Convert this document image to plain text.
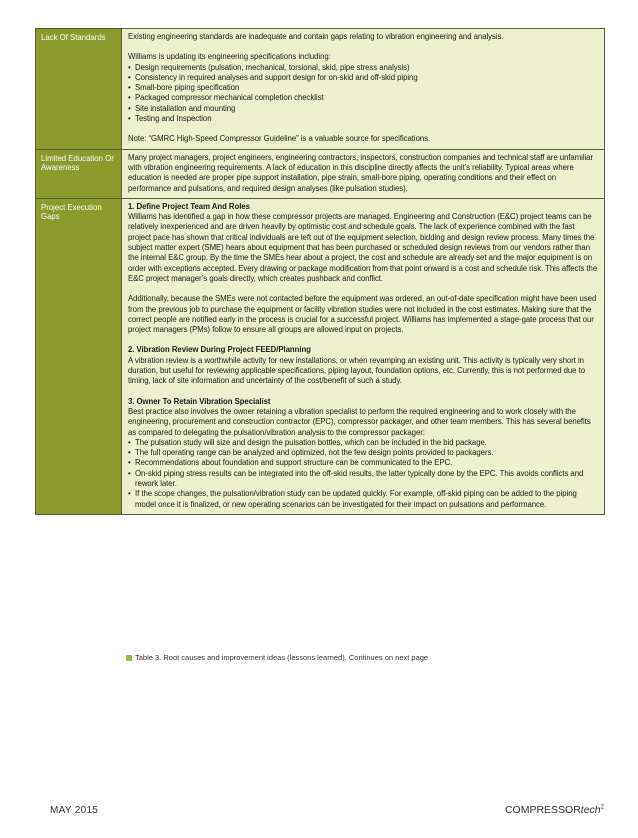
Lack Of Standards	Existing engineering standards are inadequate and contain gaps relating to vibration engineering and analysis.

Williams is updating its engineering specifications including:

• Design requirements (pulsation, mechanical, torsional, skid, pipe stress analysis)
• Consistency in required analyses and support design for on-skid and off-skid piping
• Small-bore piping specification
• Packaged compressor mechanical completion checklist
• Site installation and mounting
• Testing and Inspection

Note: “GMRC High-Speed Compressor Guideline” is a valuable source for specifications.

Limited Education Or Awareness

Many project managers, project engineers, engineering contractors, inspectors, construction companies and technical staff are unfamiliar with vibration engineering requirements. A lack of education in this discipline directly affects the unit’s reliability. Typical areas where education is needed are proper pipe support installation, pipe strain, small-bore piping, operating conditions and their effect on performance and pulsations, and required design analyses (like pulsation studies).

Project Execution Gaps

1. Define Project Team And Roles

Williams has identified a gap in how these compressor projects are managed. Engineering and Construction (E&C) project teams can be relatively inexperienced and are driven heavily by optimistic cost and schedule goals. The lack of experience combined with the fast project pace has shown that critical individuals are left out of the equipment selection, bidding and design review process. Many times the subject matter expert (SME) hears about equipment that has been purchased or scheduled design reviews from our vendors rather than the internal E&C group. By the time the SMEs hear about a project, the cost and schedule are already set and the major equipment is on order with exceptions accepted. Every drawing or package modification from that point onward is a cost and schedule risk. This affects the E&C project manager’s goals directly, which creates pushback and conflict.

Additionally, because the SMEs were not contacted before the equipment was ordered, an out-of-date specification might have been used from the previous job to purchase the equipment or facility vibration studies were not included in the cost estimates. Making sure that the correct people are notified early in the process is crucial for a successful project. Williams has implemented a stage-gate process that our project managers (PMs) follow to ensure all groups are allowed input on projects.

2. Vibration Review During Project FEED/Planning

A vibration review is a worthwhile activity for new installations, or when revamping an existing unit. This activity is typically very short in duration, but useful for reviewing applicable specifications, piping layout, foundation options, etc. Currently, this is not performed due to timing, lack of site information and uncertainty of the cost/benefit of such a study.

3. Owner To Retain Vibration Specialist

Best practice also involves the owner retaining a vibration specialist to perform the required engineering and to work closely with the engineering, procurement and construction contractor (EPC), compressor packager, and other team members. This has several benefits as compared to delegating the pulsation/vibration analysis to the compressor packager:

• The pulsation study will size and design the pulsation bottles, which can be included in the bid package.
• The full operating range can be analyzed and optimized, not the few design points provided to packagers.
• Recommendations about foundation and support structure can be communicated to the EPC.
• On-skid piping stress results can be integrated into the off-skid results, the latter typically done by the EPC. This avoids conflicts and rework later.
• If the scope changes, the pulsation/vibration study can be updated quickly. For example, off-skid piping can be added to the piping model once it is finalized, or new operating scenarios can be investigated for their impact on pulsations and performance.
Table 3. Root causes and improvement ideas (lessons learned). Continues on next page.
MAY 2015	COMPRESSORtech$^2$
